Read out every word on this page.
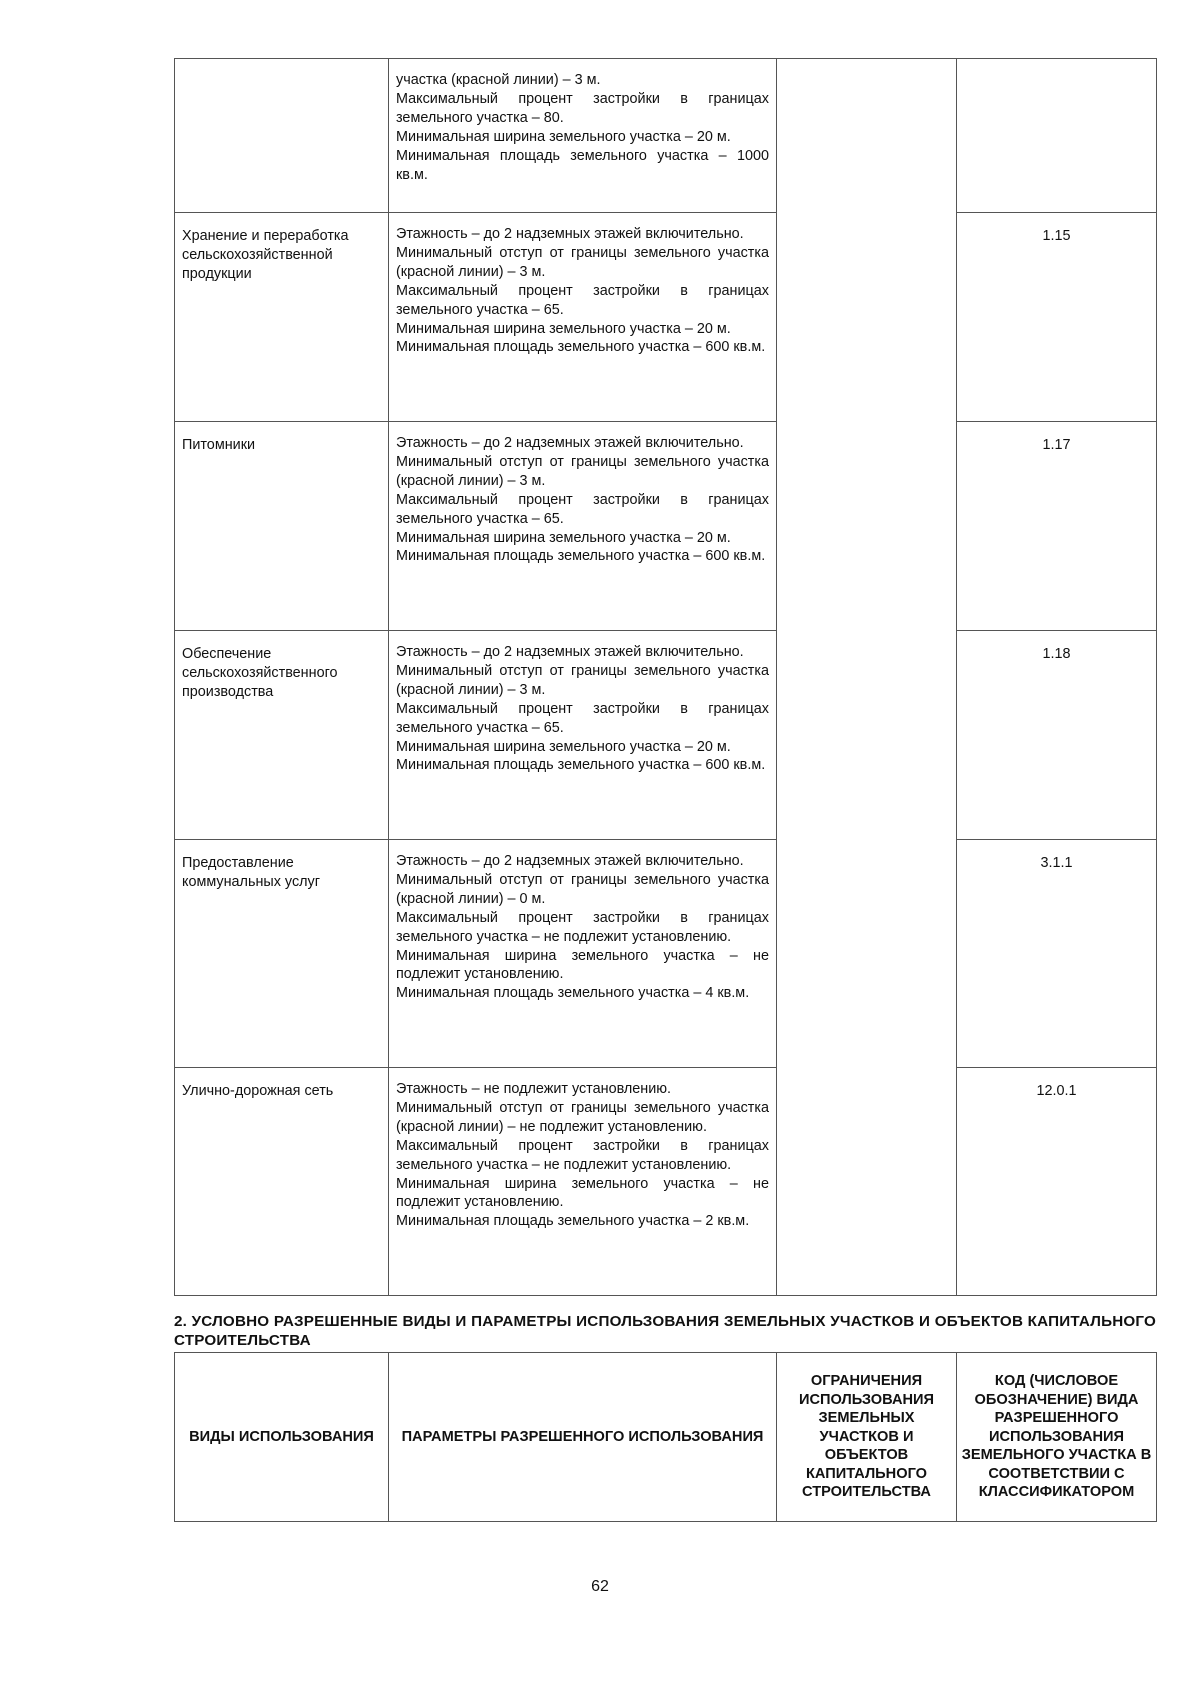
	участка (красной линии) – 3 м.
Максимальный процент застройки в границах земельного участка – 80.
Минимальная ширина земельного участка – 20 м.
Минимальная площадь земельного участка – 1000 кв.м.		

Хранение и переработка сельскохозяйственной продукции	Этажность – до 2 надземных этажей включительно.
Минимальный отступ от границы земельного участка (красной линии) – 3 м.
Максимальный процент застройки в границах земельного участка – 65.
Минимальная ширина земельного участка – 20 м.
Минимальная площадь земельного участка – 600 кв.м.		1.15
Питомники	Этажность – до 2 надземных этажей включительно.
Минимальный отступ от границы земельного участка (красной линии) – 3 м.
Максимальный процент застройки в границах земельного участка – 65.
Минимальная ширина земельного участка – 20 м.
Минимальная площадь земельного участка – 600 кв.м.		1.17
Обеспечение сельскохозяйственного производства	Этажность – до 2 надземных этажей включительно.
Минимальный отступ от границы земельного участка (красной линии) – 3 м.
Максимальный процент застройки в границах земельного участка – 65.
Минимальная ширина земельного участка – 20 м.
Минимальная площадь земельного участка – 600 кв.м.		1.18
Предоставление коммунальных услуг	Этажность – до 2 надземных этажей включительно.
Минимальный отступ от границы земельного участка (красной линии) – 0 м.
Максимальный процент застройки в границах земельного участка – не подлежит установлению.
Минимальная ширина земельного участка – не подлежит установлению.
Минимальная площадь земельного участка – 4 кв.м.		3.1.1
Улично-дорожная сеть	Этажность – не подлежит установлению.
Минимальный отступ от границы земельного участка (красной линии) – не подлежит установлению.
Максимальный процент застройки в границах земельного участка – не подлежит установлению.
Минимальная ширина земельного участка – не подлежит установлению.
Минимальная площадь земельного участка – 2 кв.м.		12.0.1
2. УСЛОВНО РАЗРЕШЕННЫЕ ВИДЫ И ПАРАМЕТРЫ ИСПОЛЬЗОВАНИЯ ЗЕМЕЛЬНЫХ УЧАСТКОВ И ОБЪЕКТОВ КАПИТАЛЬНОГО СТРОИТЕЛЬСТВА
ВИДЫ ИСПОЛЬЗОВАНИЯ	ПАРАМЕТРЫ РАЗРЕШЕННОГО ИСПОЛЬЗОВАНИЯ	ОГРАНИЧЕНИЯ ИСПОЛЬЗОВАНИЯ ЗЕМЕЛЬНЫХ УЧАСТКОВ И ОБЪЕКТОВ КАПИТАЛЬНОГО СТРОИТЕЛЬСТВА	КОД (ЧИСЛОВОЕ ОБОЗНАЧЕНИЕ) ВИДА РАЗРЕШЕННОГО ИСПОЛЬЗОВАНИЯ ЗЕМЕЛЬНОГО УЧАСТКА В СООТВЕТСТВИИ С КЛАССИФИКАТОРОМ
62
